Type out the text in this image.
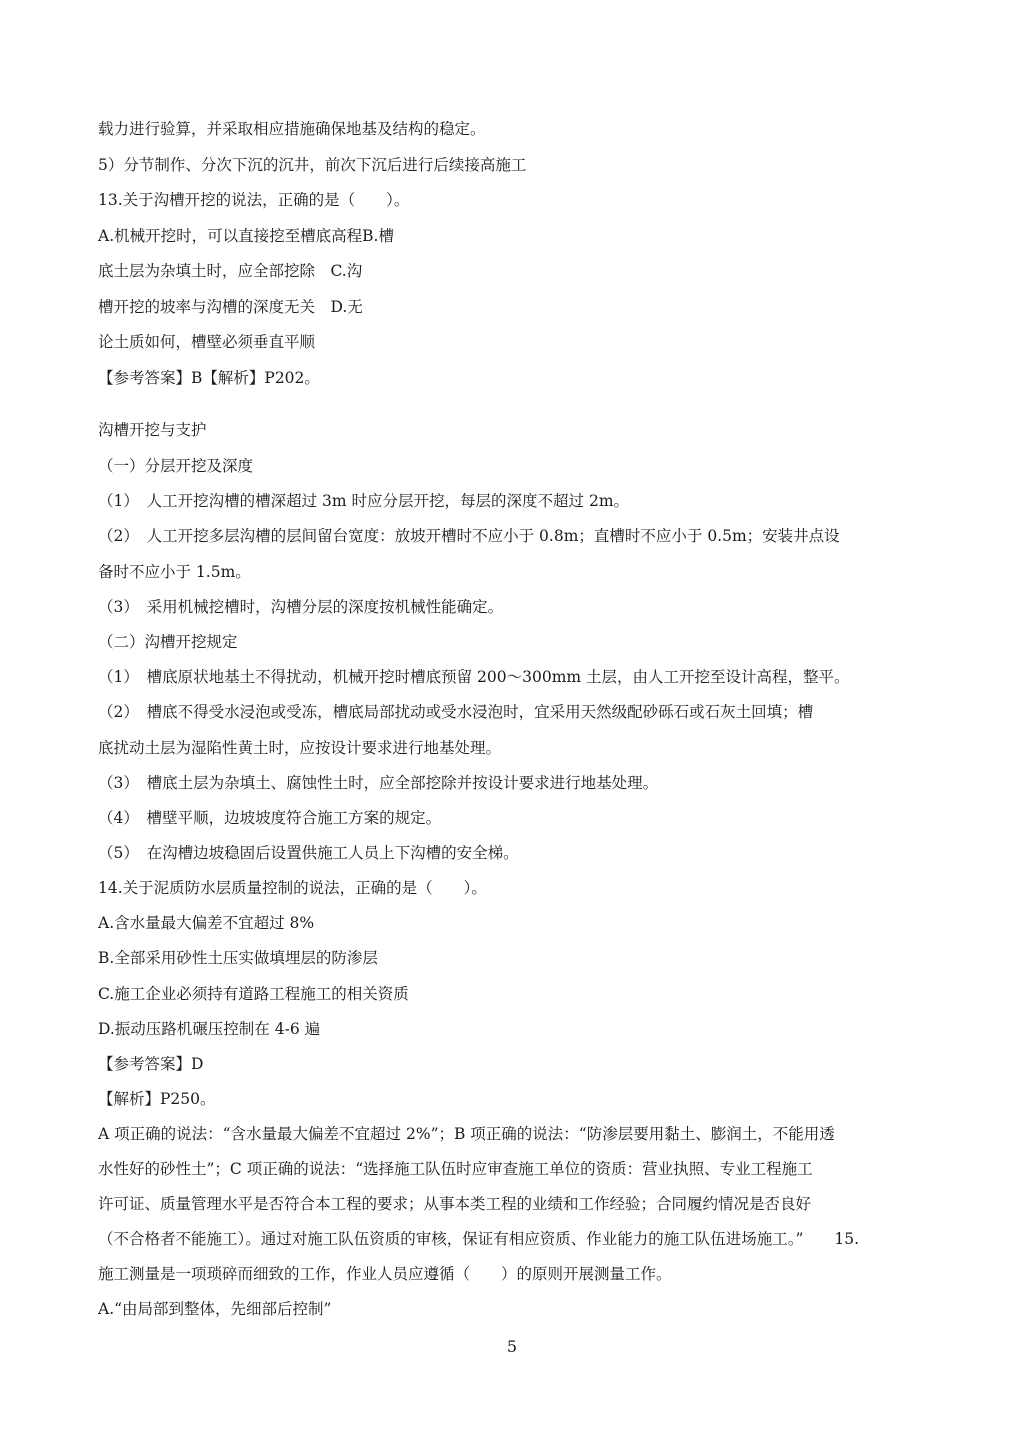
载力进行验算，并采取相应措施确保地基及结构的稳定。
5）分节制作、分次下沉的沉井，前次下沉后进行后续接高施工
13.关于沟槽开挖的说法，正确的是（　　）。
A.机械开挖时，可以直接挖至槽底高程B.槽
底土层为杂填土时，应全部挖除　C.沟
槽开挖的坡率与沟槽的深度无关　D.无
论土质如何，槽壁必须垂直平顺
【参考答案】B【解析】P202。
沟槽开挖与支护
（一）分层开挖及深度
（1）　人工开挖沟槽的槽深超过 3m 时应分层开挖，每层的深度不超过 2m。
（2）　人工开挖多层沟槽的层间留台宽度：放坡开槽时不应小于 0.8m；直槽时不应小于 0.5m；安装井点设
备时不应小于 1.5m。
（3）　采用机械挖槽时，沟槽分层的深度按机械性能确定。
（二）沟槽开挖规定
（1）　槽底原状地基土不得扰动，机械开挖时槽底预留 200～300mm 土层，由人工开挖至设计高程，整平。
（2）　槽底不得受水浸泡或受冻，槽底局部扰动或受水浸泡时，宜采用天然级配砂砾石或石灰土回填；槽
底扰动土层为湿陷性黄土时，应按设计要求进行地基处理。
（3）　槽底土层为杂填土、腐蚀性土时，应全部挖除并按设计要求进行地基处理。
（4）　槽壁平顺，边坡坡度符合施工方案的规定。
（5）　在沟槽边坡稳固后设置供施工人员上下沟槽的安全梯。
14.关于泥质防水层质量控制的说法，正确的是（　　）。
A.含水量最大偏差不宜超过 8%
B.全部采用砂性土压实做填埋层的防渗层
C.施工企业必须持有道路工程施工的相关资质
D.振动压路机碾压控制在 4-6 遍
【参考答案】D
【解析】P250。
A 项正确的说法：“含水量最大偏差不宜超过 2%”；B 项正确的说法：“防渗层要用黏土、膨润土，不能用透
水性好的砂性土”；C 项正确的说法：“选择施工队伍时应审查施工单位的资质：营业执照、专业工程施工
许可证、质量管理水平是否符合本工程的要求；从事本类工程的业绩和工作经验；合同履约情况是否良好
（不合格者不能施工）。通过对施工队伍资质的审核，保证有相应资质、作业能力的施工队伍进场施工。”　　15.
施工测量是一项琐碎而细致的工作，作业人员应遵循（　　）的原则开展测量工作。
A.“由局部到整体，先细部后控制”
5
